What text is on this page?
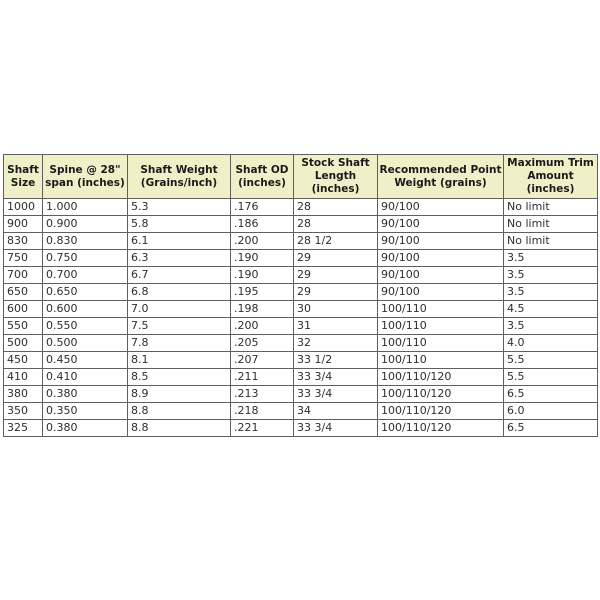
Shaft Size	Spine @ 28" span (inches)	Shaft Weight (Grains/inch)	Shaft OD (inches)	Stock Shaft Length (inches)	Recommended Point Weight (grains)	Maximum Trim Amount (inches)
1000	1.000	5.3	.176	28	90/100	No limit
900	0.900	5.8	.186	28	90/100	No limit
830	0.830	6.1	.200	28 1/2	90/100	No limit
750	0.750	6.3	.190	29	90/100	3.5
700	0.700	6.7	.190	29	90/100	3.5
650	0.650	6.8	.195	29	90/100	3.5
600	0.600	7.0	.198	30	100/110	4.5
550	0.550	7.5	.200	31	100/110	3.5
500	0.500	7.8	.205	32	100/110	4.0
450	0.450	8.1	.207	33 1/2	100/110	5.5
410	0.410	8.5	.211	33 3/4	100/110/120	5.5
380	0.380	8.9	.213	33 3/4	100/110/120	6.5
350	0.350	8.8	.218	34	100/110/120	6.0
325	0.380	8.8	.221	33 3/4	100/110/120	6.5
